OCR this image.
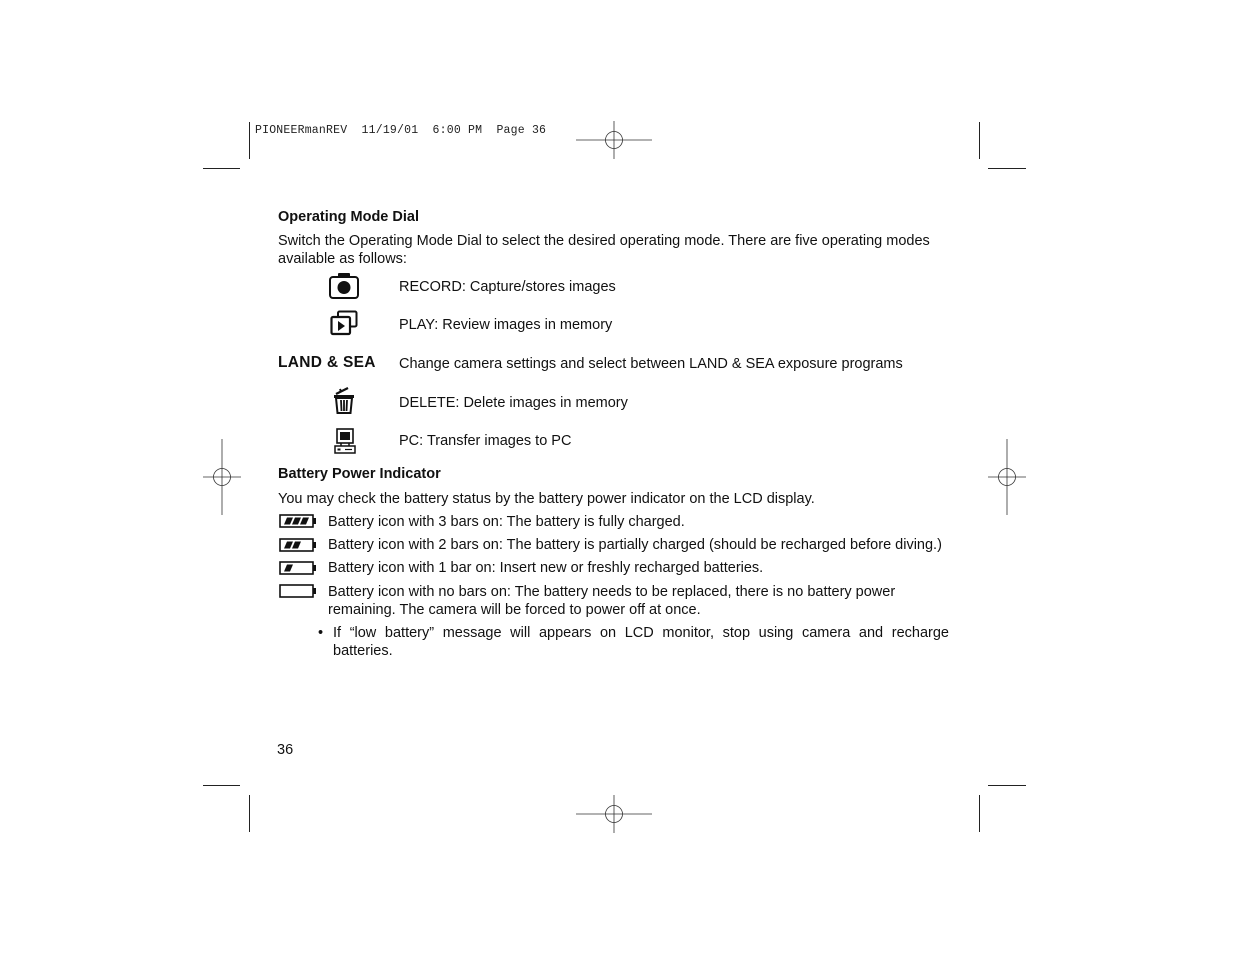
PIONEERmanREV  11/19/01  6:00 PM  Page 36
Operating Mode Dial
Switch the Operating Mode Dial to select the desired operating mode. There are five operating modes available as follows:
RECORD: Capture/stores images
PLAY: Review images in memory
LAND & SEA Change camera settings and select between LAND & SEA exposure programs
DELETE: Delete images in memory
PC: Transfer images to PC
Battery Power Indicator
You may check the battery status by the battery power indicator on the LCD display.
Battery icon with 3 bars on: The battery is fully charged.
Battery icon with 2 bars on: The battery is partially charged (should be recharged before diving.)
Battery icon with 1 bar on: Insert new or freshly recharged batteries.
Battery icon with no bars on: The battery needs to be replaced, there is no battery power remaining. The camera will be forced to power off at once.
• If “low battery” message will appears on LCD monitor, stop using camera and recharge batteries.
36
